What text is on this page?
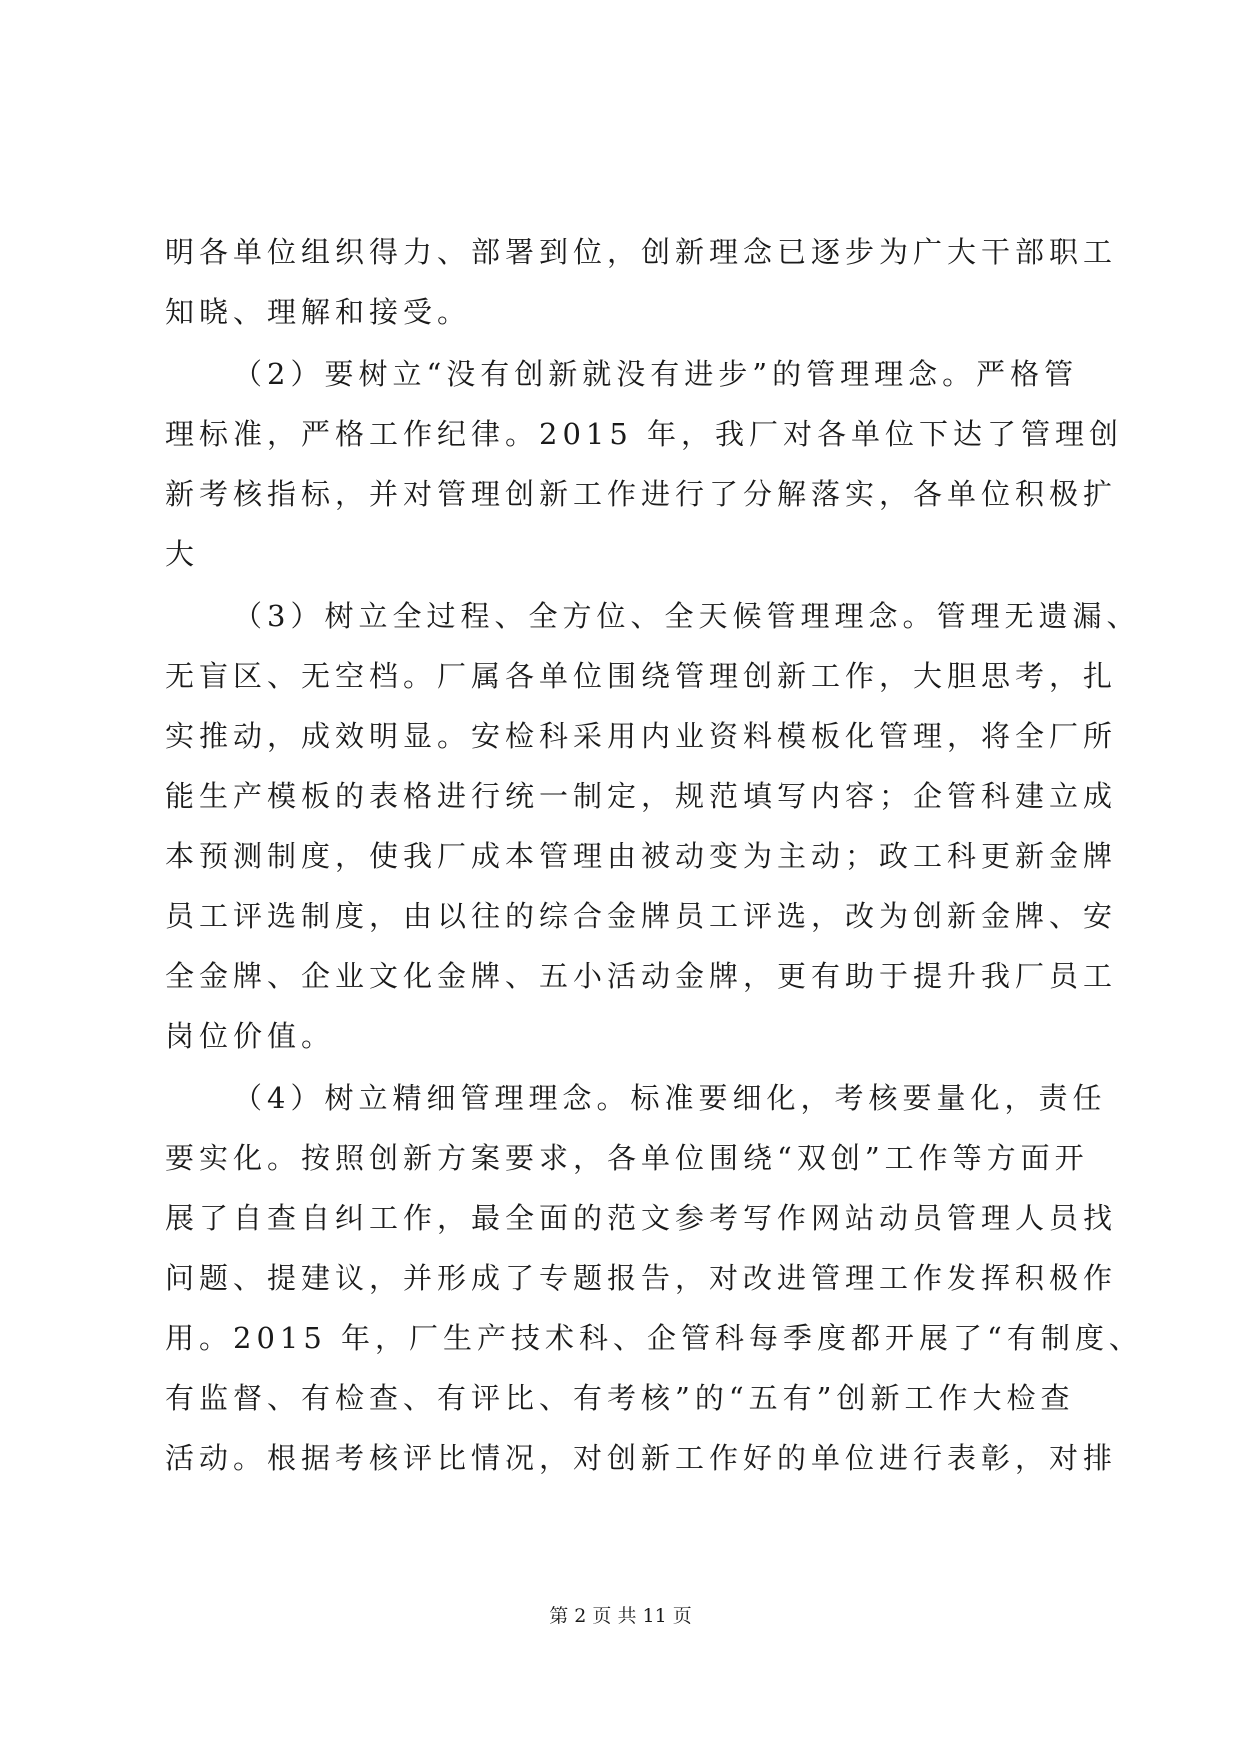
明各单位组织得力、部署到位，创新理念已逐步为广大干部职工
知晓、理解和接受。

（2）要树立“没有创新就没有进步”的管理理念。严格管
理标准，严格工作纪律。2015 年，我厂对各单位下达了管理创
新考核指标，并对管理创新工作进行了分解落实，各单位积极扩
大

（3）树立全过程、全方位、全天候管理理念。管理无遗漏、
无盲区、无空档。厂属各单位围绕管理创新工作，大胆思考，扎
实推动，成效明显。安检科采用内业资料模板化管理，将全厂所
能生产模板的表格进行统一制定，规范填写内容；企管科建立成
本预测制度，使我厂成本管理由被动变为主动；政工科更新金牌
员工评选制度，由以往的综合金牌员工评选，改为创新金牌、安
全金牌、企业文化金牌、五小活动金牌，更有助于提升我厂员工
岗位价值。

（4）树立精细管理理念。标准要细化，考核要量化，责任
要实化。按照创新方案要求，各单位围绕“双创”工作等方面开
展了自查自纠工作，最全面的范文参考写作网站动员管理人员找
问题、提建议，并形成了专题报告，对改进管理工作发挥积极作
用。2015 年，厂生产技术科、企管科每季度都开展了“有制度、
有监督、有检查、有评比、有考核”的“五有”创新工作大检查
活动。根据考核评比情况，对创新工作好的单位进行表彰，对排

第 2 页 共 11 页
